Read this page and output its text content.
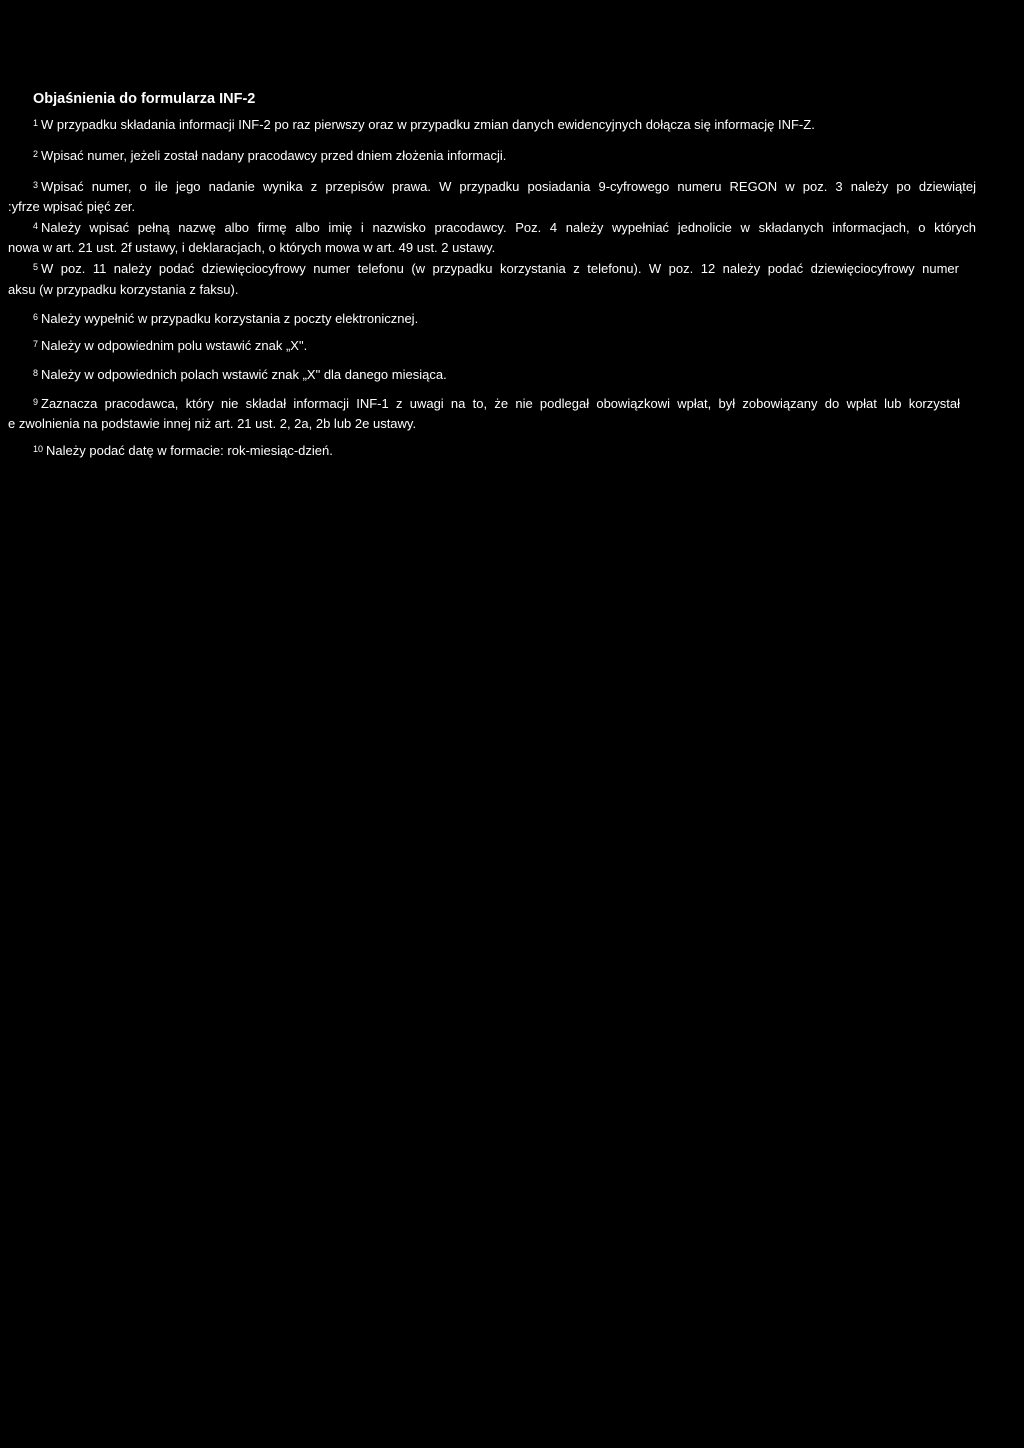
Objaśnienia do formularza INF-2
$^1$ W przypadku składania informacji INF-2 po raz pierwszy oraz w przypadku zmian danych ewidencyjnych dołącza się informację INF-Z.
$^2$ Wpisać numer, jeżeli został nadany pracodawcy przed dniem złożenia informacji.
$^3$ Wpisać numer, o ile jego nadanie wynika z przepisów prawa. W przypadku posiadania 9-cyfrowego numeru REGON w poz. 3 należy po dziewiątej
:yfrze wpisać pięć zer.
$^4$ Należy wpisać pełną nazwę albo firmę albo imię i nazwisko pracodawcy. Poz. 4 należy wypełniać jednolicie w składanych informacjach, o których
nowa w art. 21 ust. 2f ustawy, i deklaracjach, o których mowa w art. 49 ust. 2 ustawy.
$^5$ W poz. 11 należy podać dziewięciocyfrowy numer telefonu (w przypadku korzystania z telefonu). W poz. 12 należy podać dziewięciocyfrowy numer
aksu (w przypadku korzystania z faksu).
$^6$ Należy wypełnić w przypadku korzystania z poczty elektronicznej.
$^7$ Należy w odpowiednim polu wstawić znak „X".
$^8$ Należy w odpowiednich polach wstawić znak „X" dla danego miesiąca.
$^9$ Zaznacza pracodawca, który nie składał informacji INF-1 z uwagi na to, że nie podlegał obowiązkowi wpłat, był zobowiązany do wpłat lub korzystał
e zwolnienia na podstawie innej niż art. 21 ust. 2, 2a, 2b lub 2e ustawy.
$^{10}$ Należy podać datę w formacie: rok-miesiąc-dzień.
